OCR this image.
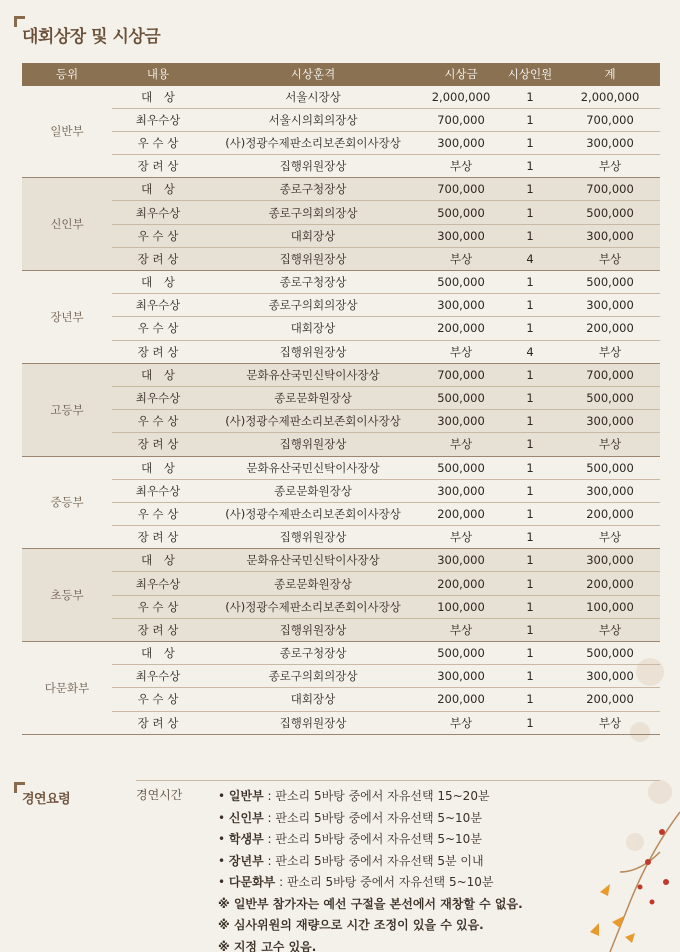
대회상장 및 시상금
등위	내용	시상훈격	시상금	시상인원	계
일반부	대　상	서울시장상	2,000,000	1	2,000,000
	최우수상	서울시의회의장상	700,000	1	700,000
	우 수 상	(사)정광수제판소리보존회이사장상	300,000	1	300,000
	장 려 상	집행위원장상	부상	1	부상
신인부	대　상	종로구청장상	700,000	1	700,000
	최우수상	종로구의회의장상	500,000	1	500,000
	우 수 상	대회장상	300,000	1	300,000
	장 려 상	집행위원장상	부상	4	부상
장년부	대　상	종로구청장상	500,000	1	500,000
	최우수상	종로구의회의장상	300,000	1	300,000
	우 수 상	대회장상	200,000	1	200,000
	장 려 상	집행위원장상	부상	4	부상
고등부	대　상	문화유산국민신탁이사장상	700,000	1	700,000
	최우수상	종로문화원장상	500,000	1	500,000
	우 수 상	(사)정광수제판소리보존회이사장상	300,000	1	300,000
	장 려 상	집행위원장상	부상	1	부상
중등부	대　상	문화유산국민신탁이사장상	500,000	1	500,000
	최우수상	종로문화원장상	300,000	1	300,000
	우 수 상	(사)정광수제판소리보존회이사장상	200,000	1	200,000
	장 려 상	집행위원장상	부상	1	부상
초등부	대　상	문화유산국민신탁이사장상	300,000	1	300,000
	최우수상	종로문화원장상	200,000	1	200,000
	우 수 상	(사)정광수제판소리보존회이사장상	100,000	1	100,000
	장 려 상	집행위원장상	부상	1	부상
다문화부	대　상	종로구청장상	500,000	1	500,000
	최우수상	종로구의회의장상	300,000	1	300,000
	우 수 상	대회장상	200,000	1	200,000
	장 려 상	집행위원장상	부상	1	부상
경연요령	경연시간	• 일반부 : 판소리 5바탕 중에서 자유선택 15~20분
• 신인부 : 판소리 5바탕 중에서 자유선택 5~10분
• 학생부 : 판소리 5바탕 중에서 자유선택 5~10분
• 장년부 : 판소리 5바탕 중에서 자유선택 5분 이내
• 다문화부 : 판소리 5바탕 중에서 자유선택 5~10분
※ 일반부 참가자는 예선 구절을 본선에서 재창할 수 없음.
※ 심사위원의 재량으로 시간 조정이 있을 수 있음.
※ 지정 고수 있음.
